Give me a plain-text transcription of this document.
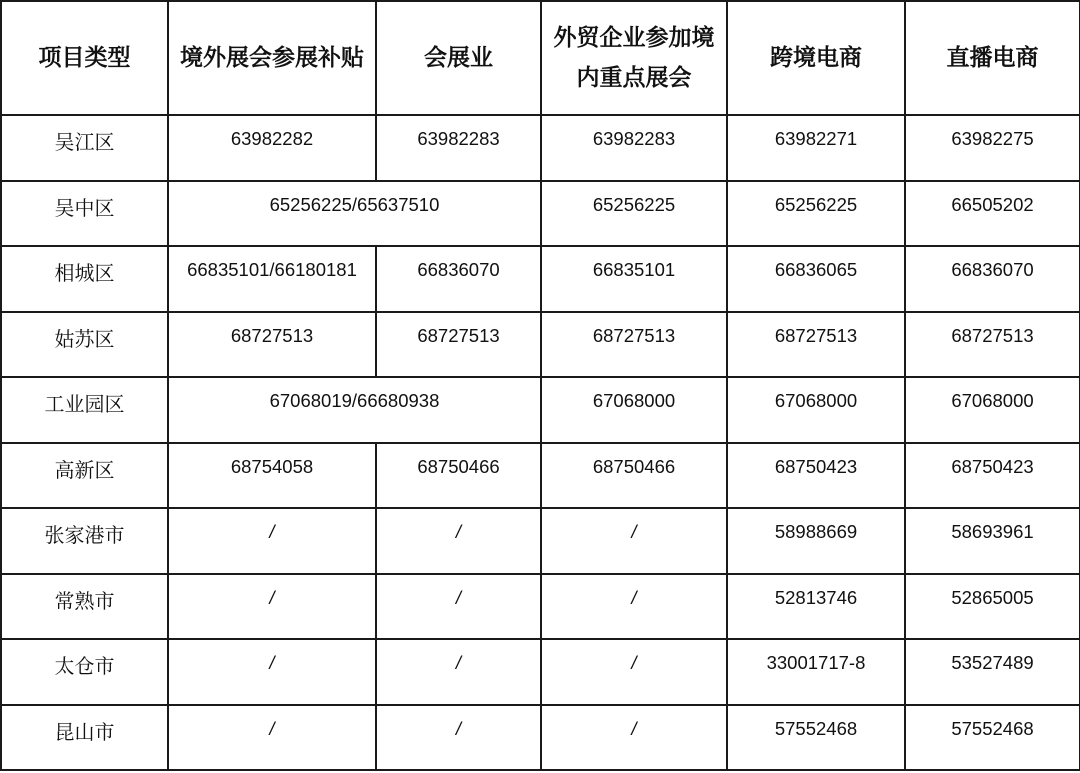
项目类型	境外展会参展补贴	会展业	外贸企业参加境内重点展会	跨境电商	直播电商
吴江区	63982282	63982283	63982283	63982271	63982275
吴中区	65256225/65637510		65256225	65256225	66505202
相城区	66835101/66180181	66836070	66835101	66836065	66836070
姑苏区	68727513	68727513	68727513	68727513	68727513
工业园区	67068019/66680938		67068000	67068000	67068000
高新区	68754058	68750466	68750466	68750423	68750423
张家港市	/	/	/	58988669	58693961
常熟市	/	/	/	52813746	52865005
太仓市	/	/	/	33001717-8	53527489
昆山市	/	/	/	57552468	57552468
